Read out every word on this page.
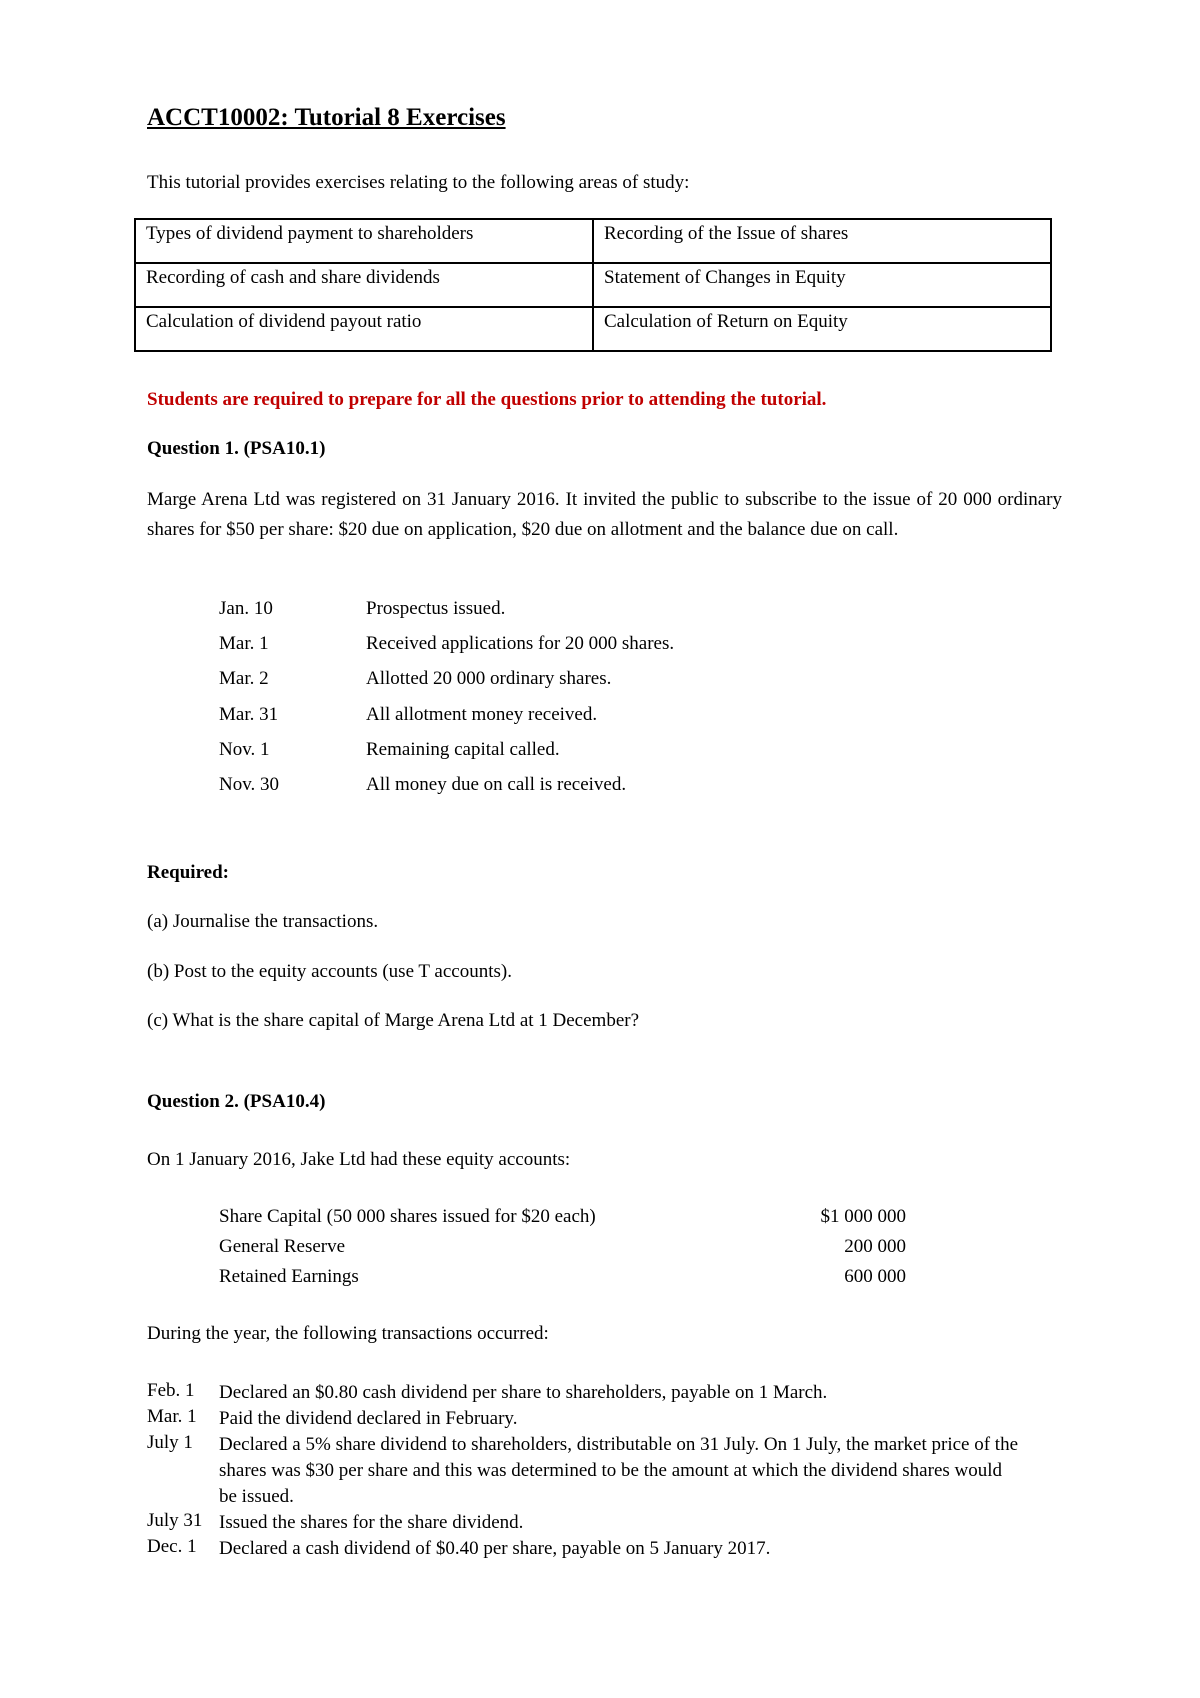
ACCT10002: Tutorial 8 Exercises
This tutorial provides exercises relating to the following areas of study:
Types of dividend payment to shareholders	Recording of the Issue of shares
Recording of cash and share dividends	Statement of Changes in Equity
Calculation of dividend payout ratio	Calculation of Return on Equity
Students are required to prepare for all the questions prior to attending the tutorial.
Question 1. (PSA10.1)
Marge Arena Ltd was registered on 31 January 2016. It invited the public to subscribe to the issue of 20 000 ordinary shares for $50 per share: $20 due on application, $20 due on allotment and the balance due on call.
Jan. 10	Prospectus issued.
Mar. 1	Received applications for 20 000 shares.
Mar. 2	Allotted 20 000 ordinary shares.
Mar. 31	All allotment money received.
Nov. 1	Remaining capital called.
Nov. 30	All money due on call is received.
Required:
(a) Journalise the transactions.
(b) Post to the equity accounts (use T accounts).
(c) What is the share capital of Marge Arena Ltd at 1 December?
Question 2. (PSA10.4)
On 1 January 2016, Jake Ltd had these equity accounts:
Share Capital (50 000 shares issued for $20 each)	$1 000 000
General Reserve	200 000
Retained Earnings	600 000
During the year, the following transactions occurred:
Feb. 1 Declared an $0.80 cash dividend per share to shareholders, payable on 1 March.
Mar. 1 Paid the dividend declared in February.
July 1 Declared a 5% share dividend to shareholders, distributable on 31 July. On 1 July, the market price of the shares was $30 per share and this was determined to be the amount at which the dividend shares would be issued.
July 31 Issued the shares for the share dividend.
Dec. 1 Declared a cash dividend of $0.40 per share, payable on 5 January 2017.
